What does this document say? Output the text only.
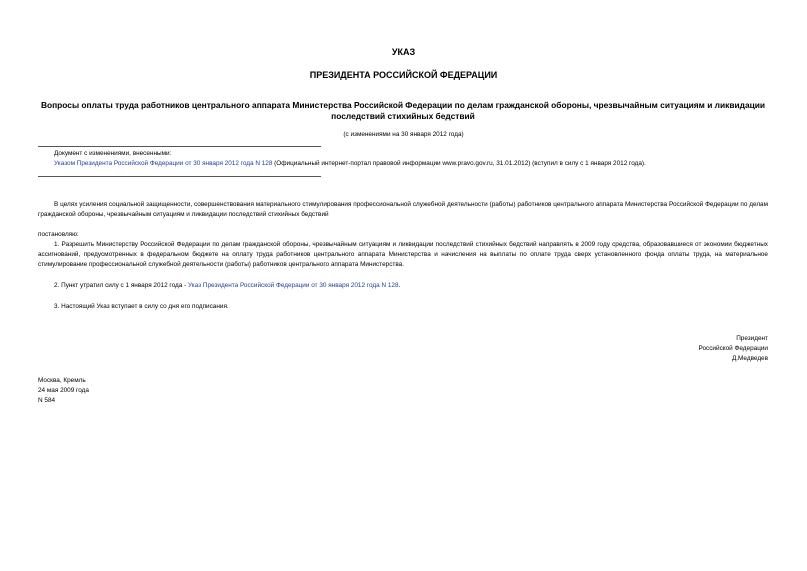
УКАЗ
ПРЕЗИДЕНТА РОССИЙСКОЙ ФЕДЕРАЦИИ
Вопросы оплаты труда работников центрального аппарата Министерства Российской Федерации по делам гражданской обороны, чрезвычайным ситуациям и ликвидации последствий стихийных бедствий
(с изменениями на 30 января 2012 года)
Документ с изменениями, внесенными:
Указом Президента Российской Федерации от 30 января 2012 года N 128 (Официальный интернет-портал правовой информации www.pravo.gov.ru, 31.01.2012) (вступил в силу с 1 января 2012 года).
В целях усиления социальной защищенности, совершенствования материального стимулирования профессиональной служебной деятельности (работы) работников центрального аппарата Министерства Российской Федерации по делам гражданской обороны, чрезвычайным ситуациям и ликвидации последствий стихийных бедствий
постановляю:
1. Разрешить Министерству Российской Федерации по делам гражданской обороны, чрезвычайным ситуациям и ликвидации последствий стихийных бедствий направлять в 2009 году средства, образовавшиеся от экономии бюджетных ассигнований, предусмотренных в федеральном бюджете на оплату труда работников центрального аппарата Министерства и начисления на выплаты по оплате труда сверх установленного фонда оплаты труда, на материальное стимулирование профессиональной служебной деятельности (работы) работников центрального аппарата Министерства.
2. Пункт утратил силу с 1 января 2012 года - Указ Президента Российской Федерации от 30 января 2012 года N 128.
3. Настоящий Указ вступает в силу со дня его подписания.
Президент
Российской Федерации
Д.Медведев
Москва, Кремль
24 мая 2009 года
N 584
